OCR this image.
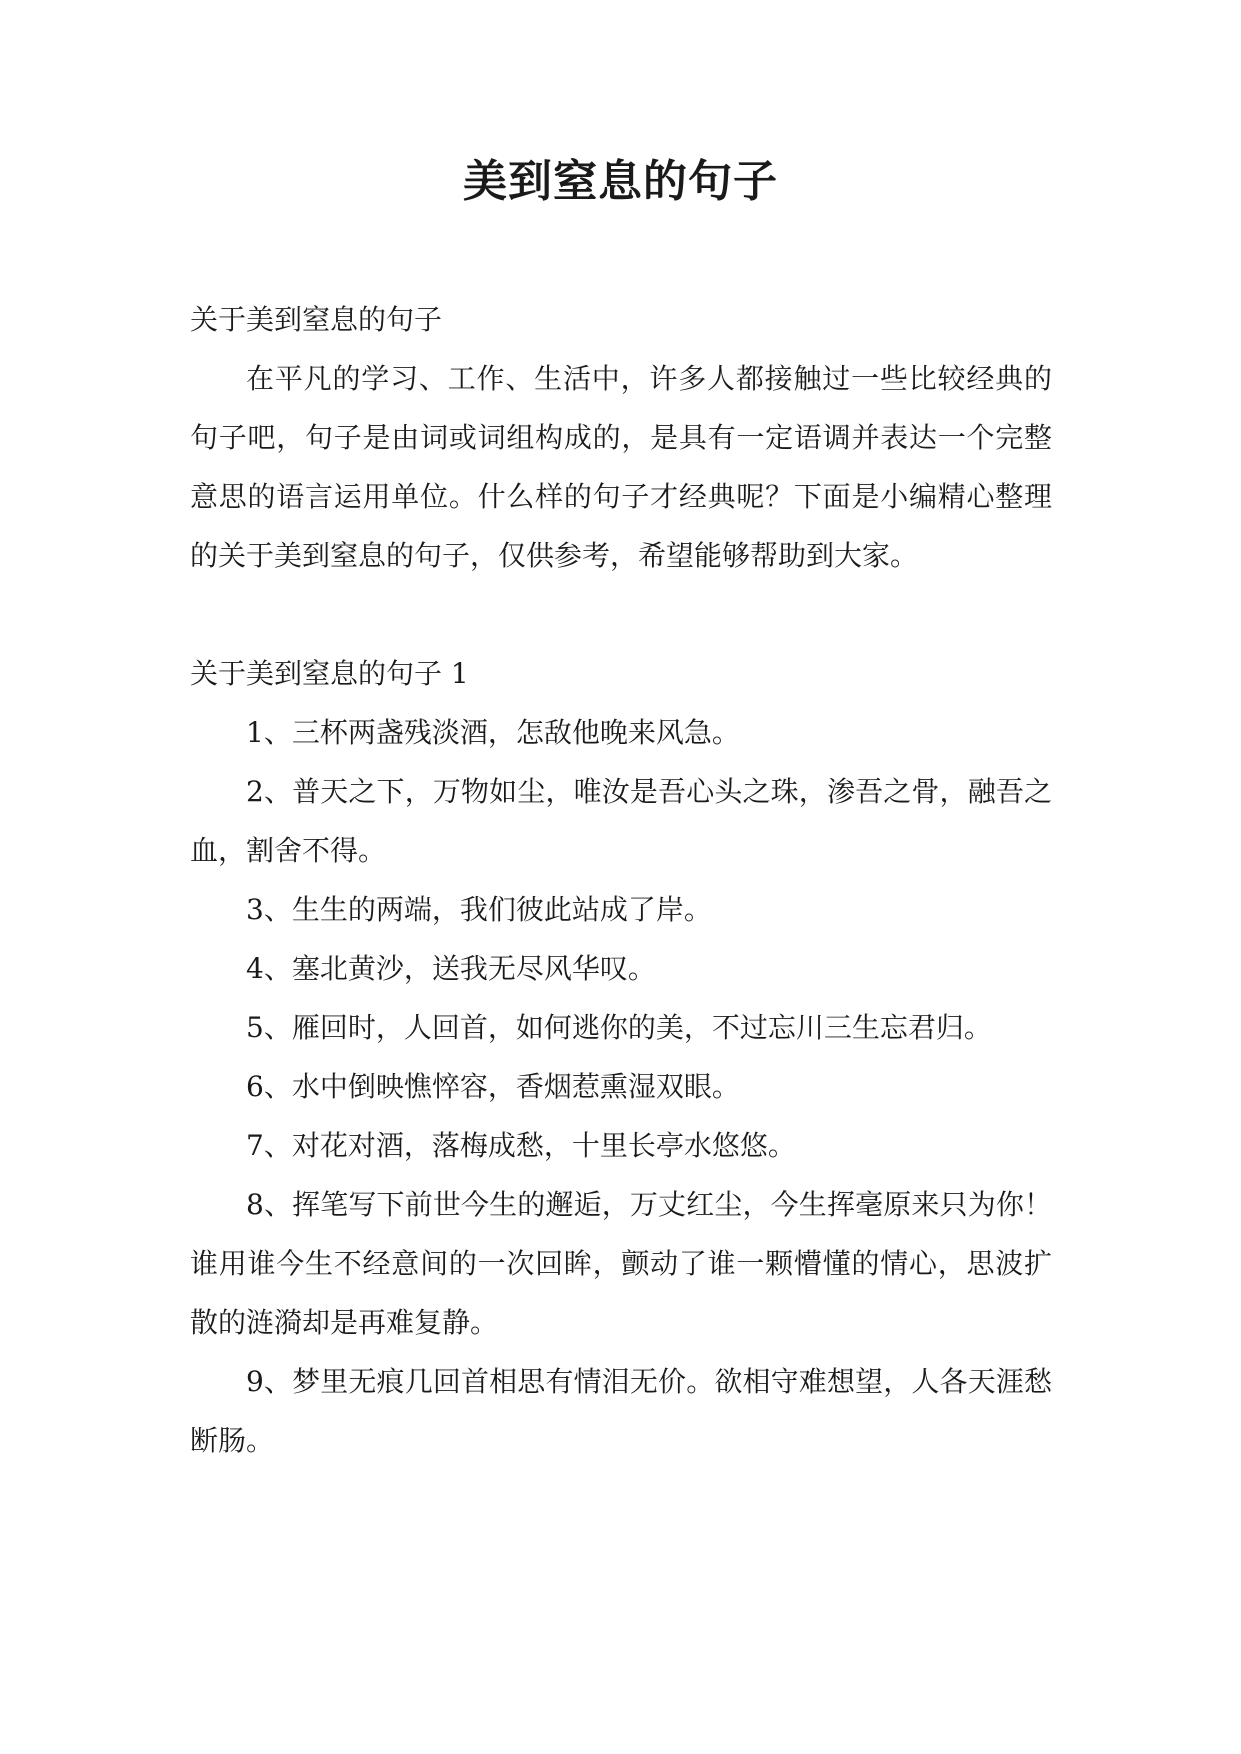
美到窒息的句子

关于美到窒息的句子

在平凡的学习、工作、生活中，许多人都接触过一些比较经典的句子吧，句子是由词或词组构成的，是具有一定语调并表达一个完整意思的语言运用单位。什么样的句子才经典呢？下面是小编精心整理的关于美到窒息的句子，仅供参考，希望能够帮助到大家。

关于美到窒息的句子 1

1、三杯两盏残淡酒，怎敌他晚来风急。

2、普天之下，万物如尘，唯汝是吾心头之珠，渗吾之骨，融吾之血，割舍不得。

3、生生的两端，我们彼此站成了岸。

4、塞北黄沙，送我无尽风华叹。

5、雁回时，人回首，如何逃你的美，不过忘川三生忘君归。

6、水中倒映憔悴容，香烟惹熏湿双眼。

7、对花对酒，落梅成愁，十里长亭水悠悠。

8、挥笔写下前世今生的邂逅，万丈红尘，今生挥毫原来只为你！谁用谁今生不经意间的一次回眸，颤动了谁一颗懵懂的情心，思波扩散的涟漪却是再难复静。

9、梦里无痕几回首相思有情泪无价。欲相守难想望，人各天涯愁断肠。
